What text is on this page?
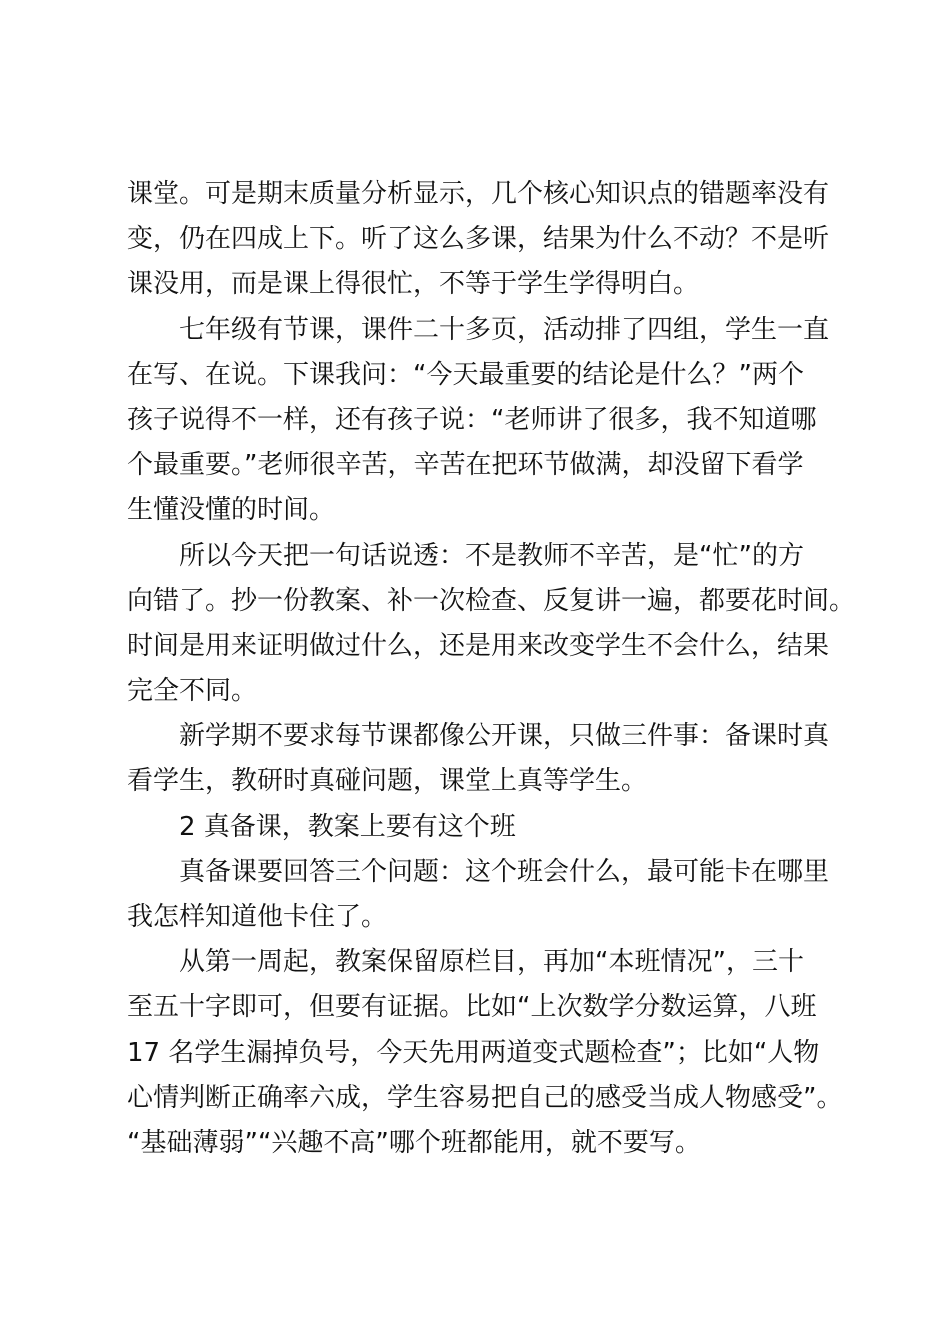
课堂。可是期末质量分析显示，几个核心知识点的错题率没有
变，仍在四成上下。听了这么多课，结果为什么不动？不是听
课没用，而是课上得很忙，不等于学生学得明白。
七年级有节课，课件二十多页，活动排了四组，学生一直
在写、在说。下课我问：“今天最重要的结论是什么？”两个
孩子说得不一样，还有孩子说：“老师讲了很多，我不知道哪
个最重要。”老师很辛苦，辛苦在把环节做满，却没留下看学
生懂没懂的时间。
所以今天把一句话说透：不是教师不辛苦，是“忙”的方
向错了。抄一份教案、补一次检查、反复讲一遍，都要花时间。
时间是用来证明做过什么，还是用来改变学生不会什么，结果
完全不同。
新学期不要求每节课都像公开课，只做三件事：备课时真
看学生，教研时真碰问题，课堂上真等学生。
2 真备课，教案上要有这个班
真备课要回答三个问题：这个班会什么，最可能卡在哪里
我怎样知道他卡住了。
从第一周起，教案保留原栏目，再加“本班情况”，三十
至五十字即可，但要有证据。比如“上次数学分数运算，八班
17 名学生漏掉负号，今天先用两道变式题检查”；比如“人物
心情判断正确率六成，学生容易把自己的感受当成人物感受”。
“基础薄弱”“兴趣不高”哪个班都能用，就不要写。
